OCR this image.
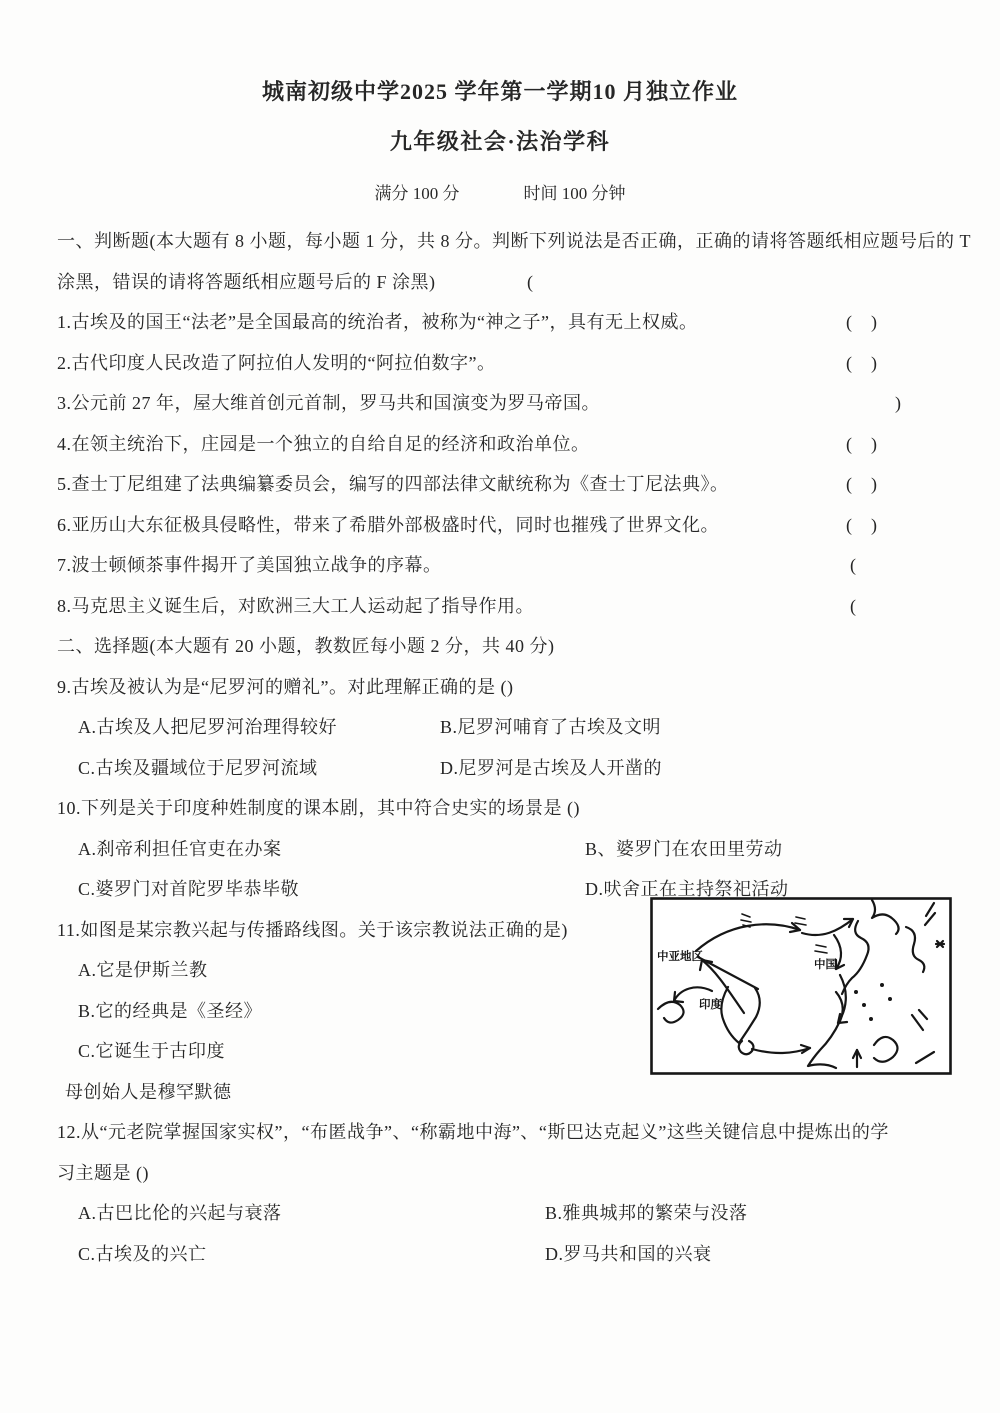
城南初级中学2025 学年第一学期10 月独立作业
九年级社会·法治学科
满分 100 分	时间 100 分钟
一、判断题(本大题有 8 小题，每小题 1 分，共 8 分。判断下列说法是否正确，正确的请将答题纸相应题号后的 T
涂黑，错误的请将答题纸相应题号后的 F 涂黑)	(
1.古埃及的国王“法老”是全国最高的统治者，被称为“神之子”，具有无上权威。	(　)
2.古代印度人民改造了阿拉伯人发明的“阿拉伯数字”。	(　)
3.公元前 27 年，屋大维首创元首制，罗马共和国演变为罗马帝国。	)
4.在领主统治下，庄园是一个独立的自给自足的经济和政治单位。	(　)
5.查士丁尼组建了法典编纂委员会，编写的四部法律文献统称为《查士丁尼法典》。	(　)
6.亚历山大东征极具侵略性，带来了希腊外部极盛时代，同时也摧残了世界文化。	(　)
7.波士顿倾茶事件揭开了美国独立战争的序幕。	(
8.马克思主义诞生后，对欧洲三大工人运动起了指导作用。	(
二、选择题(本大题有 20 小题，教数匠每小题 2 分，共 40 分)
9.古埃及被认为是“尼罗河的赠礼”。对此理解正确的是 ()
A.古埃及人把尼罗河治理得较好	B.尼罗河哺育了古埃及文明
C.古埃及疆域位于尼罗河流域	D.尼罗河是古埃及人开凿的
10.下列是关于印度种姓制度的课本剧，其中符合史实的场景是 ()
A.刹帝利担任官吏在办案	B、婆罗门在农田里劳动
C.婆罗门对首陀罗毕恭毕敬	D.吠舍正在主持祭祀活动
11.如图是某宗教兴起与传播路线图。关于该宗教说法正确的是)
A.它是伊斯兰教
B.它的经典是《圣经》
C.它诞生于古印度
母创始人是穆罕默德
12.从“元老院掌握国家实权”，“布匿战争”、“称霸地中海”、“斯巴达克起义”这些关键信息中提炼出的学
习主题是 ()
A.古巴比伦的兴起与衰落	B.雅典城邦的繁荣与没落
C.古埃及的兴亡	D.罗马共和国的兴衰
中亚地区
中国
印度
